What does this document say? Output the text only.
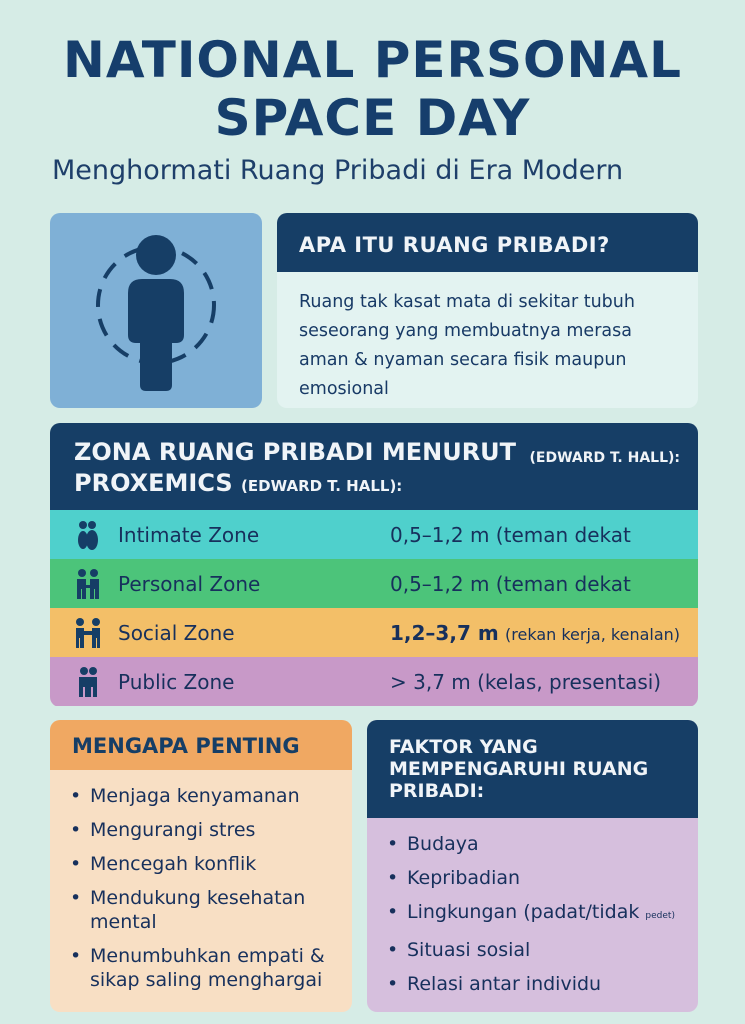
NATIONAL PERSONAL
SPACE DAY
Menghormati Ruang Pribadi di Era Modern
APA ITU RUANG PRIBADI?
Ruang tak kasat mata di sekitar tubuh seseorang yang membuatnya merasa aman & nyaman secara fisik maupun emosional
ZONA RUANG PRIBADI MENURUT
PROXEMICS (EDWARD T. HALL):
(EDWARD T. HALL):
Intimate Zone	0,5–1,2 m (teman dekat
Personal Zone	0,5–1,2 m (teman dekat
Social Zone	1,2–3,7 m (rekan kerja, kenalan)
Public Zone	> 3,7 m (kelas, presentasi)
MENGAPA PENTING
• Menjaga kenyamanan
• Mengurangi stres
• Mencegah konflik
• Mendukung kesehatan mental
• Menumbuhkan empati & sikap saling menghargai
FAKTOR YANG MEMPENGARUHI RUANG PRIBADI:
• Budaya
• Kepribadian
• Lingkungan (padat/tidak pedet)
• Situasi sosial
• Relasi antar individu
